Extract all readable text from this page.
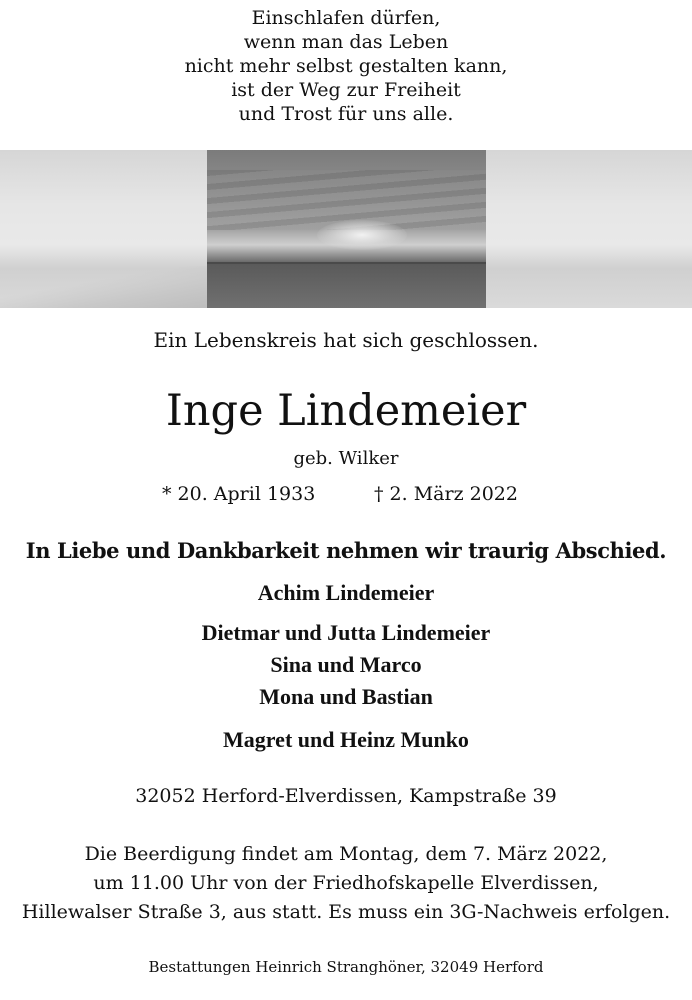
Einschlafen dürfen,
wenn man das Leben
nicht mehr selbst gestalten kann,
ist der Weg zur Freiheit
und Trost für uns alle.
Ein Lebenskreis hat sich geschlossen.
Inge Lindemeier
geb. Wilker
* 20. April 1933	† 2. März 2022
In Liebe und Dankbarkeit nehmen wir traurig Abschied.
Achim Lindemeier
Dietmar und Jutta Lindemeier
Sina und Marco
Mona und Bastian
Magret und Heinz Munko
32052 Herford-Elverdissen, Kampstraße 39
Die Beerdigung findet am Montag, dem 7. März 2022,
um 11.00 Uhr von der Friedhofskapelle Elverdissen,
Hillewalser Straße 3, aus statt. Es muss ein 3G-Nachweis erfolgen.
Bestattungen Heinrich Stranghöner, 32049 Herford
